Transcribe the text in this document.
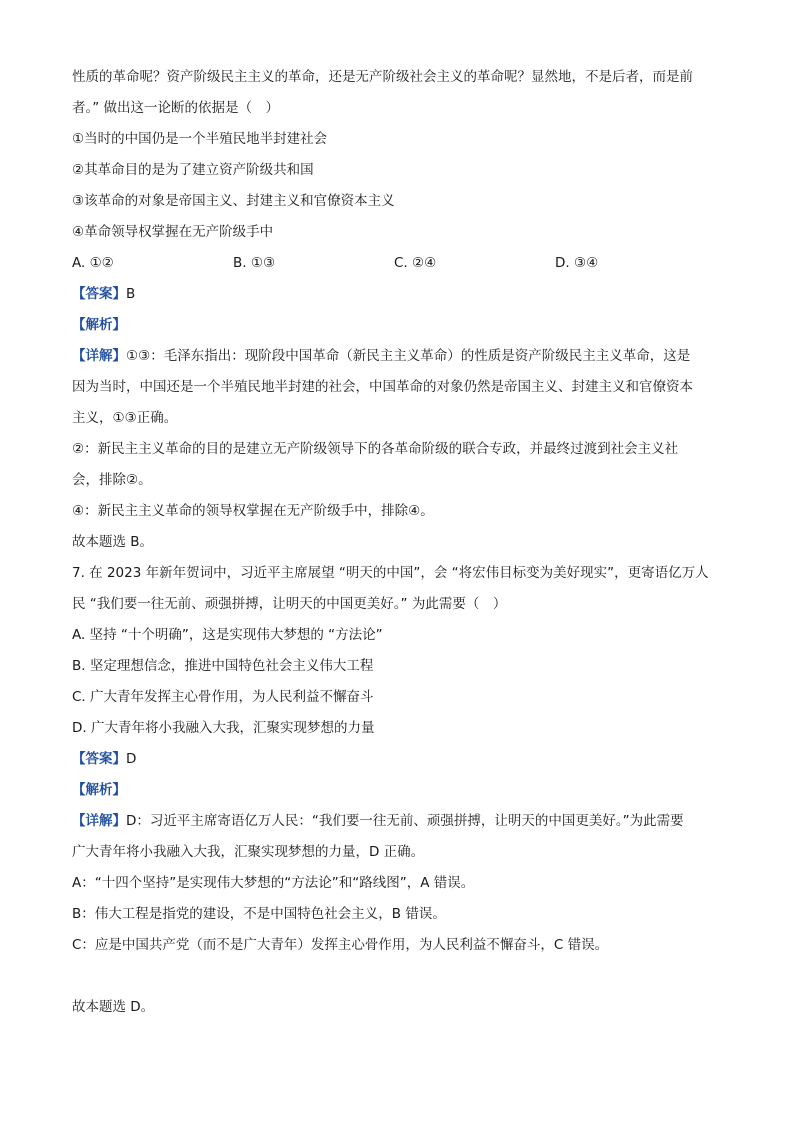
性质的革命呢？资产阶级民主主义的革命，还是无产阶级社会主义的革命呢？显然地，不是后者，而是前
者。” 做出这一论断的依据是（　）
①当时的中国仍是一个半殖民地半封建社会
②其革命目的是为了建立资产阶级共和国
③该革命的对象是帝国主义、封建主义和官僚资本主义
④革命领导权掌握在无产阶级手中
A. ①②	B. ①③	C. ②④	D. ③④
【答案】B
【解析】
【详解】①③：毛泽东指出：现阶段中国革命（新民主主义革命）的性质是资产阶级民主主义革命，这是
因为当时，中国还是一个半殖民地半封建的社会，中国革命的对象仍然是帝国主义、封建主义和官僚资本
主义，①③正确。
②：新民主主义革命的目的是建立无产阶级领导下的各革命阶级的联合专政，并最终过渡到社会主义社
会，排除②。
④：新民主主义革命的领导权掌握在无产阶级手中，排除④。
故本题选 B。
7. 在 2023 年新年贺词中，习近平主席展望 “明天的中国”，会 “将宏伟目标变为美好现实”，更寄语亿万人
民 “我们要一往无前、顽强拼搏，让明天的中国更美好。” 为此需要（　）
A. 坚持 “十个明确”，这是实现伟大梦想的 “方法论”
B. 坚定理想信念，推进中国特色社会主义伟大工程
C. 广大青年发挥主心骨作用，为人民利益不懈奋斗
D. 广大青年将小我融入大我，汇聚实现梦想的力量
【答案】D
【解析】
【详解】D：习近平主席寄语亿万人民：“我们要一往无前、顽强拼搏，让明天的中国更美好。”为此需要
广大青年将小我融入大我，汇聚实现梦想的力量，D 正确。
A：“十四个坚持”是实现伟大梦想的“方法论”和“路线图”，A 错误。
B：伟大工程是指党的建设，不是中国特色社会主义，B 错误。
C：应是中国共产党（而不是广大青年）发挥主心骨作用，为人民利益不懈奋斗，C 错误。
故本题选 D。
